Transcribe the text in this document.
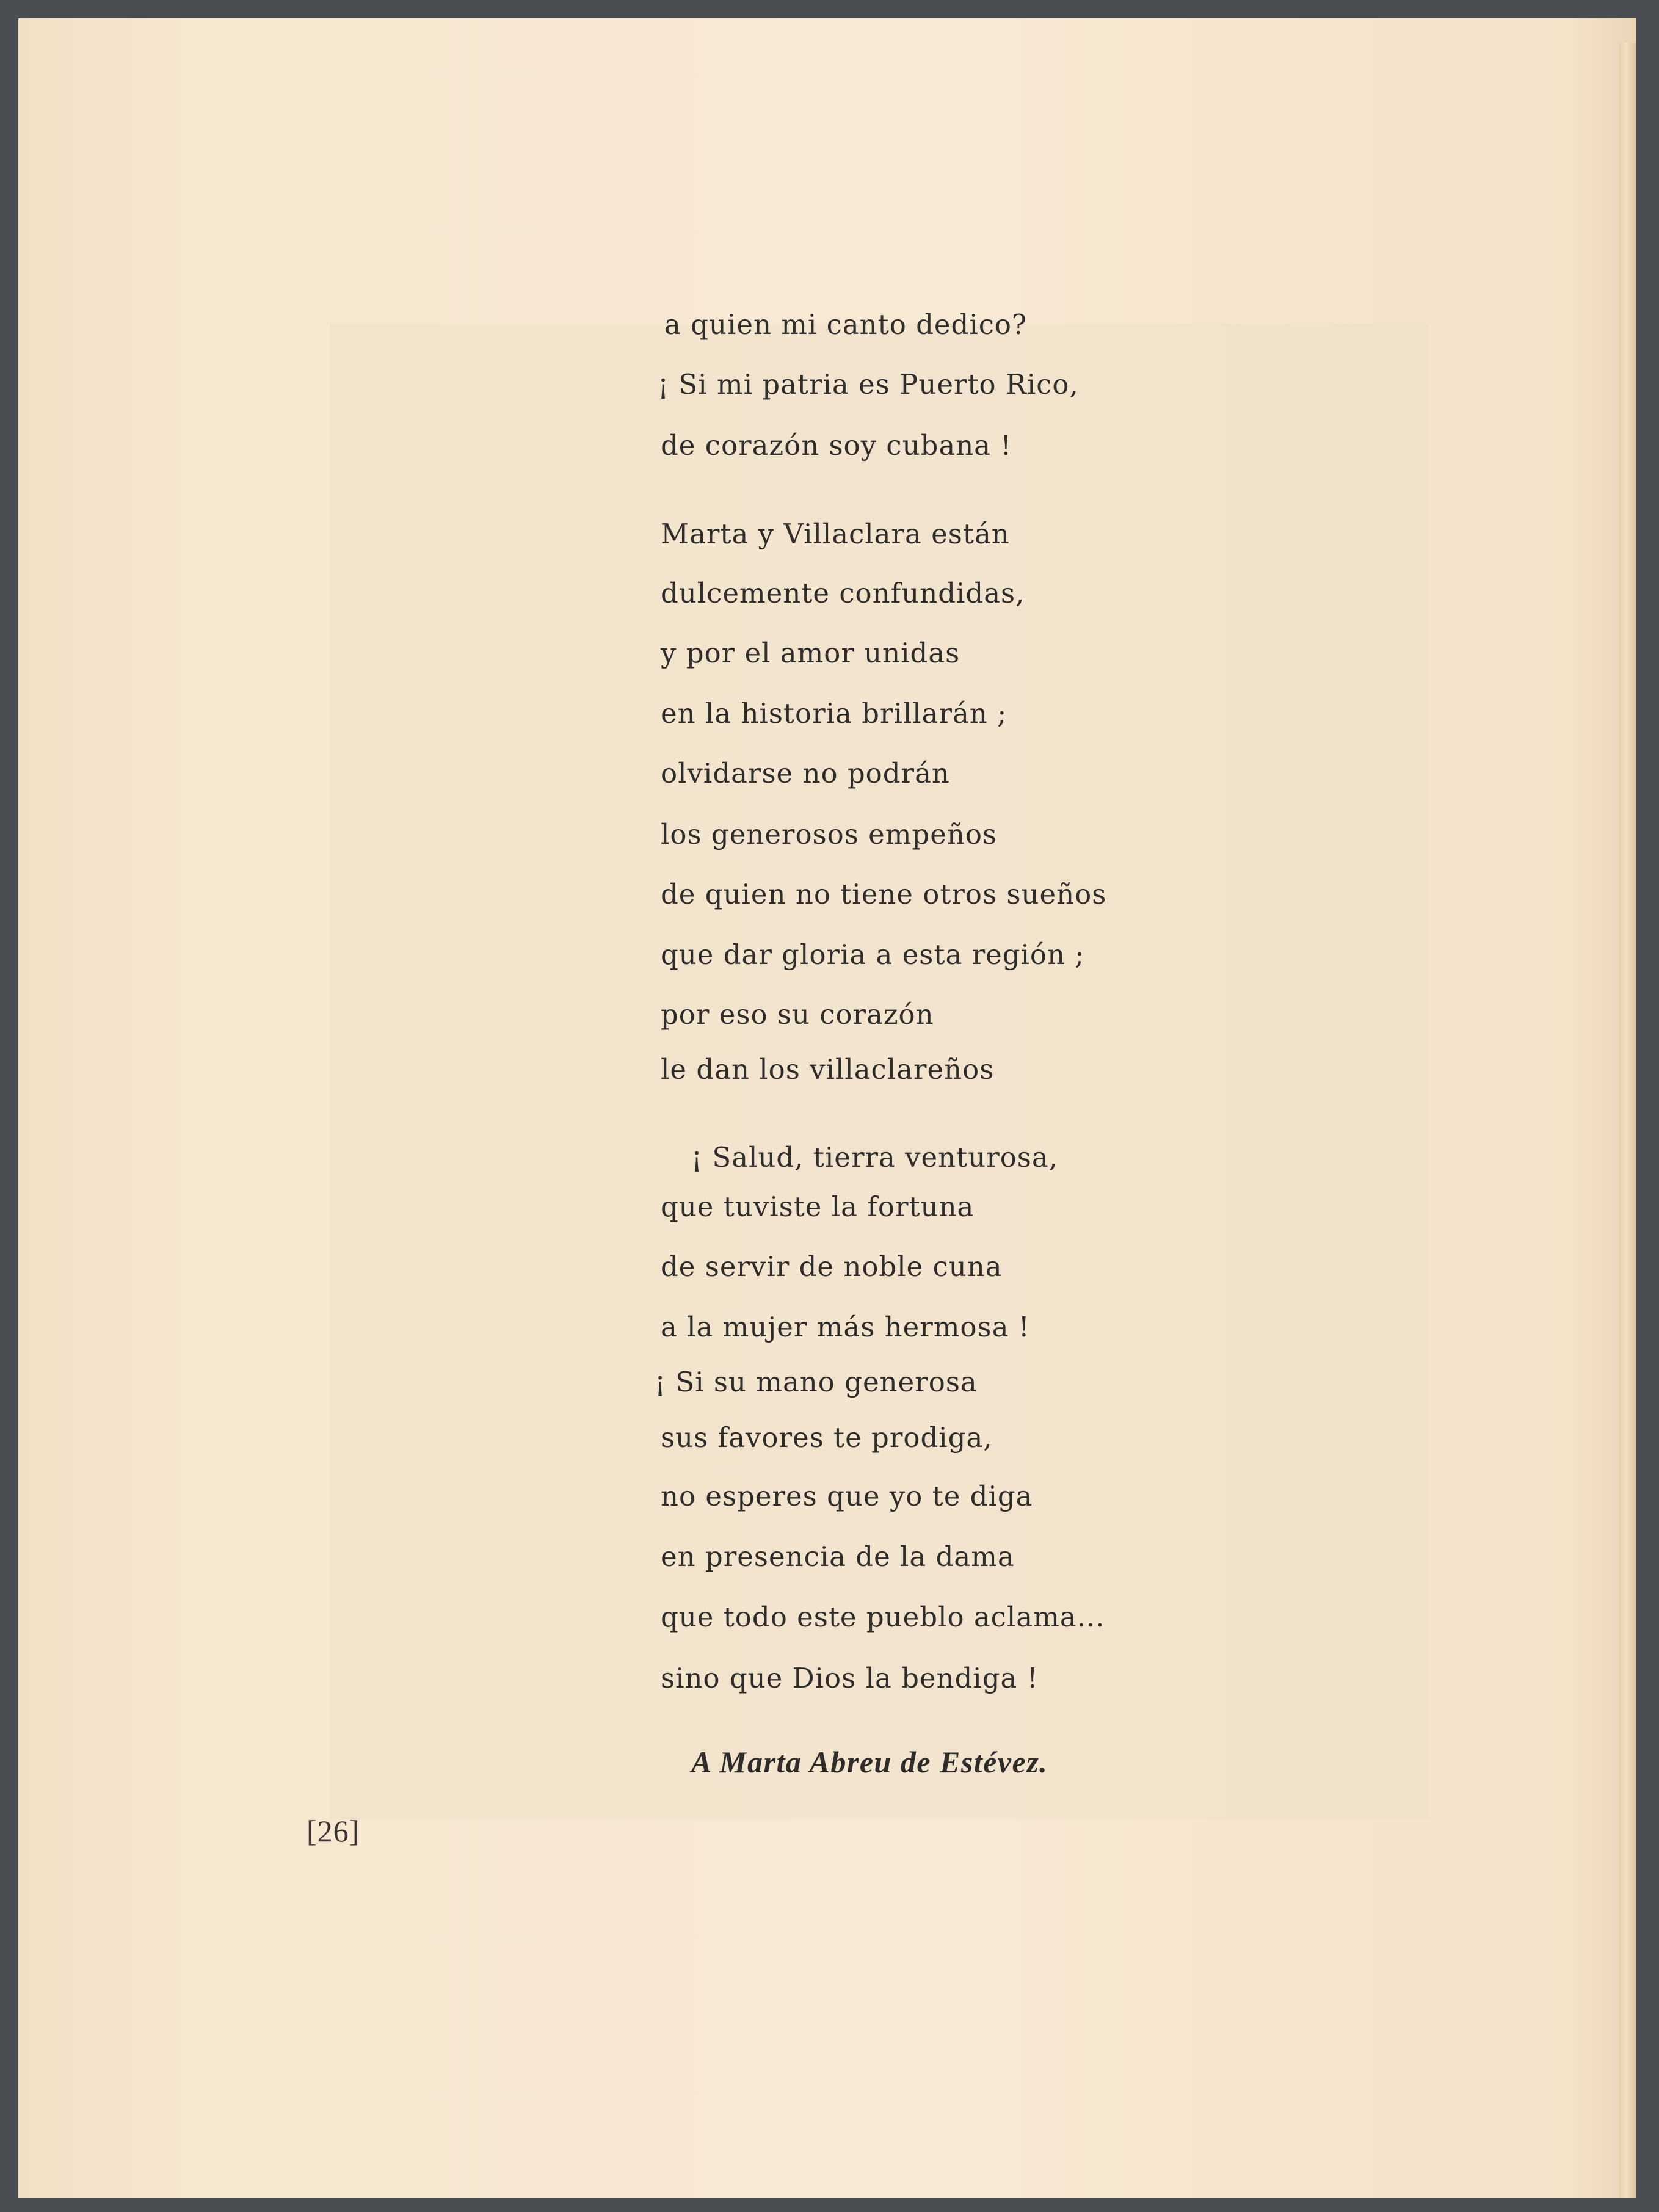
a quien mi canto dedico?
¡ Si mi patria es Puerto Rico,
de corazón soy cubana !
Marta y Villaclara están
dulcemente confundidas,
y por el amor unidas
en la historia brillarán ;
olvidarse no podrán
los generosos empeños
de quien no tiene otros sueños
que dar gloria a esta región ;
por eso su corazón
le dan los villaclareños
¡ Salud, tierra venturosa,
que tuviste la fortuna
de servir de noble cuna
a la mujer más hermosa !
¡ Si su mano generosa
sus favores te prodiga,
no esperes que yo te diga
en presencia de la dama
que todo este pueblo aclama...
sino que Dios la bendiga !
A Marta Abreu de Estévez.
[26]
